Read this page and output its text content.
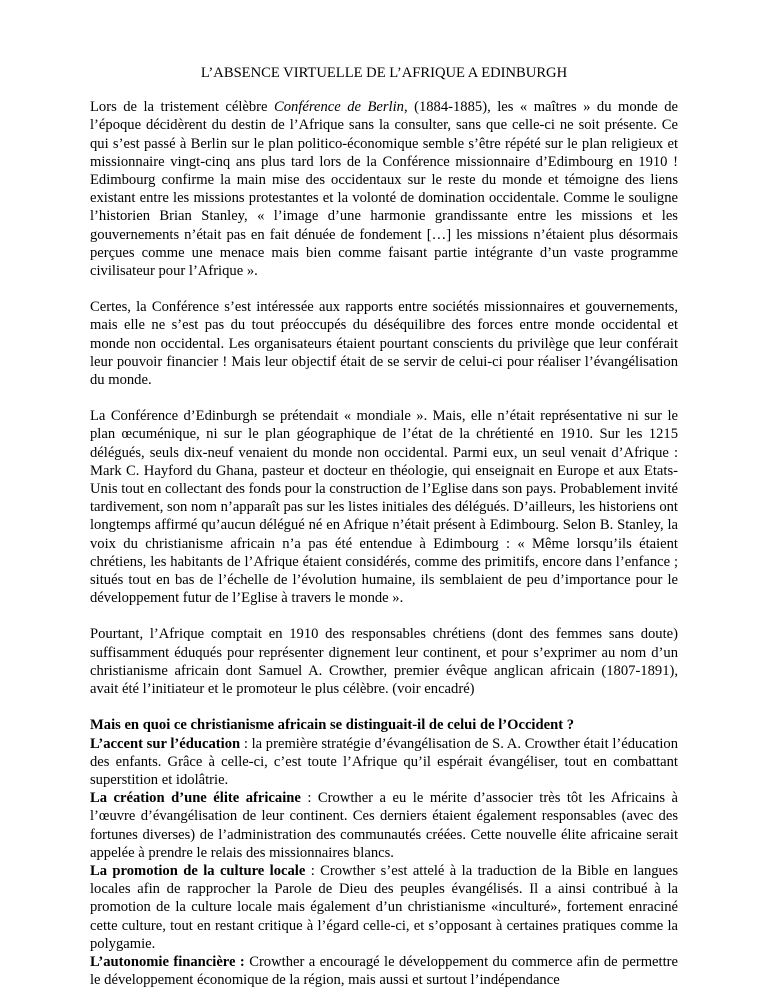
L’ABSENCE VIRTUELLE DE L’AFRIQUE A EDINBURGH

Lors de la tristement célèbre Conférence de Berlin, (1884-1885), les « maîtres » du monde de l’époque décidèrent du destin de l’Afrique sans la consulter, sans que celle-ci ne soit présente. Ce qui s’est passé à Berlin sur le plan politico-économique semble s’être répété sur le plan religieux et missionnaire vingt-cinq ans plus tard lors de la Conférence missionnaire d’Edimbourg en 1910 ! Edimbourg confirme la main mise des occidentaux sur le reste du monde et témoigne des liens existant entre les missions protestantes et la volonté de domination occidentale. Comme le souligne l’historien Brian Stanley, « l’image d’une harmonie grandissante entre les missions et les gouvernements n’était pas en fait dénuée de fondement […] les missions n’étaient plus désormais perçues comme une menace mais bien comme faisant partie intégrante d’un vaste programme civilisateur pour l’Afrique ».

Certes, la Conférence s’est intéressée aux rapports entre sociétés missionnaires et gouvernements, mais elle ne s’est pas du tout préoccupés du déséquilibre des forces entre monde occidental et monde non occidental. Les organisateurs étaient pourtant conscients du privilège que leur conférait leur pouvoir financier ! Mais leur objectif était de se servir de celui-ci pour réaliser l’évangélisation du monde.

La Conférence d’Edinburgh se prétendait « mondiale ». Mais, elle n’était représentative ni sur le plan œcuménique, ni sur le plan géographique de l’état de la chrétienté en 1910. Sur les 1215 délégués, seuls dix-neuf venaient du monde non occidental. Parmi eux, un seul venait d’Afrique : Mark C. Hayford du Ghana, pasteur et docteur en théologie, qui enseignait en Europe et aux Etats-Unis tout en collectant des fonds pour la construction de l’Eglise dans son pays. Probablement invité tardivement, son nom n’apparaît pas sur les listes initiales des délégués. D’ailleurs, les historiens ont longtemps affirmé qu’aucun délégué né en Afrique n’était présent à Edimbourg. Selon B. Stanley, la voix du christianisme africain n’a pas été entendue à Edimbourg : « Même lorsqu’ils étaient chrétiens, les habitants de l’Afrique étaient considérés, comme des primitifs, encore dans l’enfance ; situés tout en bas de l’échelle de l’évolution humaine, ils semblaient de peu d’importance pour le développement futur de l’Eglise à travers le monde ».

Pourtant, l’Afrique comptait en 1910 des responsables chrétiens (dont des femmes sans doute) suffisamment éduqués pour représenter dignement leur continent, et pour s’exprimer au nom d’un christianisme africain dont Samuel A. Crowther, premier évêque anglican africain (1807-1891), avait été l’initiateur et le promoteur le plus célèbre. (voir encadré)

Mais en quoi ce christianisme africain se distinguait-il de celui de l’Occident ?

L’accent sur l’éducation : la première stratégie d’évangélisation de S. A. Crowther était l’éducation des enfants. Grâce à celle-ci, c’est toute l’Afrique qu’il espérait évangéliser, tout en combattant superstition et idolâtrie.

La création d’une élite africaine : Crowther a eu le mérite d’associer très tôt les Africains à l’œuvre d’évangélisation de leur continent. Ces derniers étaient également responsables (avec des fortunes diverses) de l’administration des communautés créées. Cette nouvelle élite africaine serait appelée à prendre le relais des missionnaires blancs.

La promotion de la culture locale : Crowther s’est attelé à la traduction de la Bible en langues locales afin de rapprocher la Parole de Dieu des peuples évangélisés. Il a ainsi contribué à la promotion de la culture locale mais également d’un christianisme «inculturé», fortement enraciné cette culture, tout en restant critique à l’égard celle-ci, et s’opposant à certaines pratiques comme la polygamie.

L’autonomie financière : Crowther a encouragé le développement du commerce afin de permettre le développement économique de la région, mais aussi et surtout l’indépendance
